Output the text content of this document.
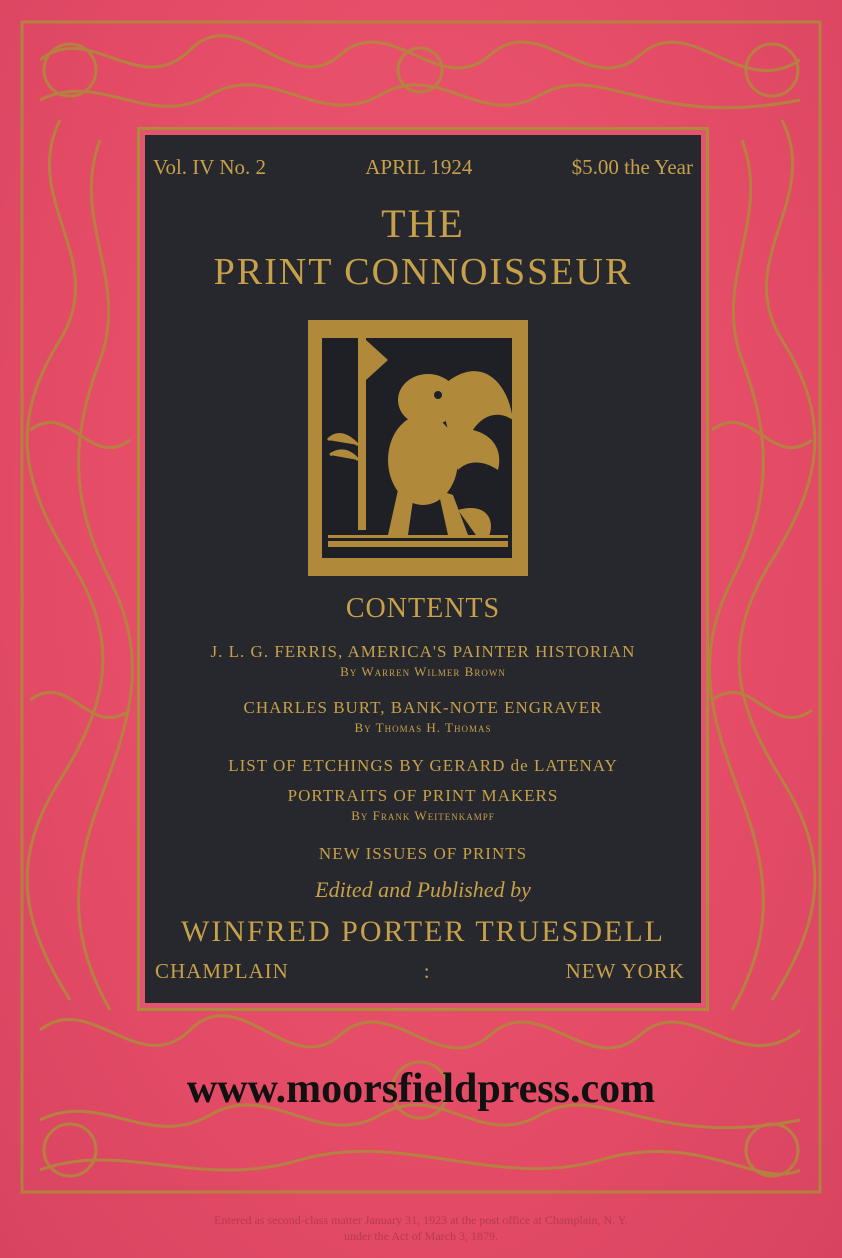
Vol. IV No. 2	APRIL 1924	$5.00 the Year
THE
PRINT CONNOISSEUR
CONTENTS
J. L. G. FERRIS, AMERICA'S PAINTER HISTORIAN
By Warren Wilmer Brown
CHARLES BURT, BANK-NOTE ENGRAVER
By Thomas H. Thomas
LIST OF ETCHINGS BY GERARD de LATENAY
PORTRAITS OF PRINT MAKERS
By Frank Weitenkampf
NEW ISSUES OF PRINTS
Edited and Published by
WINFRED PORTER TRUESDELL
CHAMPLAIN	:	NEW YORK
www.moorsfieldpress.com
Entered as second-class matter January 31, 1923 at the post office at Champlain, N. Y.
under the Act of March 3, 1879.
